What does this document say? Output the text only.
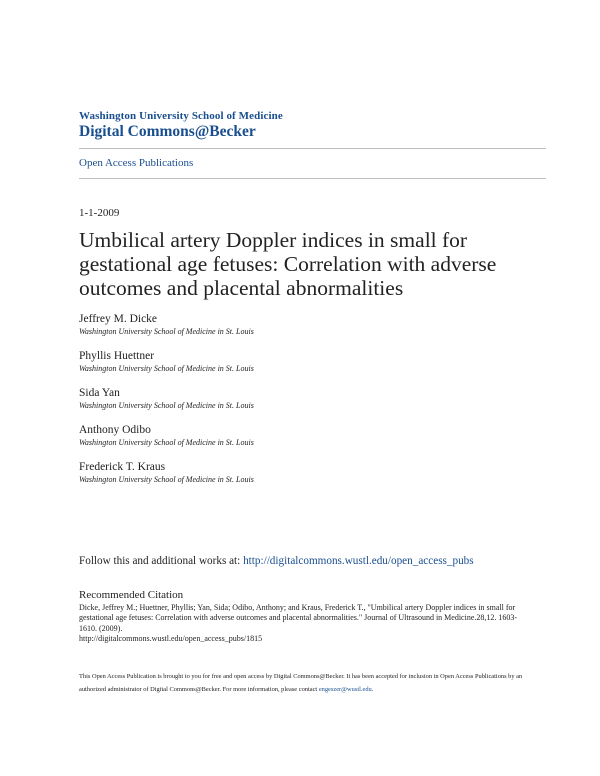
Washington University School of Medicine
Digital Commons@Becker
Open Access Publications
1-1-2009
Umbilical artery Doppler indices in small for gestational age fetuses: Correlation with adverse outcomes and placental abnormalities
Jeffrey M. Dicke
Washington University School of Medicine in St. Louis
Phyllis Huettner
Washington University School of Medicine in St. Louis
Sida Yan
Washington University School of Medicine in St. Louis
Anthony Odibo
Washington University School of Medicine in St. Louis
Frederick T. Kraus
Washington University School of Medicine in St. Louis
Follow this and additional works at: http://digitalcommons.wustl.edu/open_access_pubs
Recommended Citation
Dicke, Jeffrey M.; Huettner, Phyllis; Yan, Sida; Odibo, Anthony; and Kraus, Frederick T., "Umbilical artery Doppler indices in small for gestational age fetuses: Correlation with adverse outcomes and placental abnormalities." Journal of Ultrasound in Medicine.28,12. 1603-1610. (2009).
http://digitalcommons.wustl.edu/open_access_pubs/1815
This Open Access Publication is brought to you for free and open access by Digital Commons@Becker. It has been accepted for inclusion in Open Access Publications by an authorized administrator of Digital Commons@Becker. For more information, please contact engeszer@wustl.edu.
